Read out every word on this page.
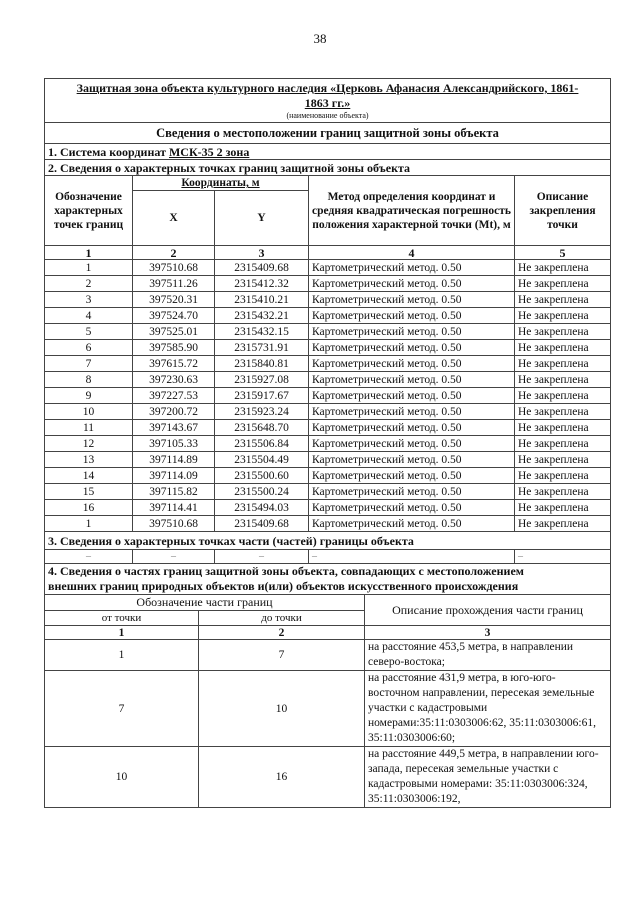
38
Защитная зона объекта культурного наследия «Церковь Афанасия Александрийского, 1861-
1863 гг.»
(наименование объекта)				

Сведения о местоположении границ защитной зоны объекта				
1. Система координат МСК-35 2 зона				
2. Сведения о характерных точках границ защитной зоны объекта				
Обозначение характерных точек границ	Координаты, м		Метод определения координат и средняя квадратическая погрешность положения характерной точки (Mt), м	Описание закрепления точки
	X	Y		
1	2	3	4	5
1	397510.68	2315409.68	Картометрический метод. 0.50	Не закреплена
2	397511.26	2315412.32	Картометрический метод. 0.50	Не закреплена
3	397520.31	2315410.21	Картометрический метод. 0.50	Не закреплена
4	397524.70	2315432.21	Картометрический метод. 0.50	Не закреплена
5	397525.01	2315432.15	Картометрический метод. 0.50	Не закреплена
6	397585.90	2315731.91	Картометрический метод. 0.50	Не закреплена
7	397615.72	2315840.81	Картометрический метод. 0.50	Не закреплена
8	397230.63	2315927.08	Картометрический метод. 0.50	Не закреплена
9	397227.53	2315917.67	Картометрический метод. 0.50	Не закреплена
10	397200.72	2315923.24	Картометрический метод. 0.50	Не закреплена
11	397143.67	2315648.70	Картометрический метод. 0.50	Не закреплена
12	397105.33	2315506.84	Картометрический метод. 0.50	Не закреплена
13	397114.89	2315504.49	Картометрический метод. 0.50	Не закреплена
14	397114.09	2315500.60	Картометрический метод. 0.50	Не закреплена
15	397115.82	2315500.24	Картометрический метод. 0.50	Не закреплена
16	397114.41	2315494.03	Картометрический метод. 0.50	Не закреплена
1	397510.68	2315409.68	Картометрический метод. 0.50	Не закреплена
3. Сведения о характерных точках части (частей) границы объекта				
–	–	–	–	–
4. Сведения о частях границ защитной зоны объекта, совпадающих с местоположением
внешних границ природных объектов и(или) объектов искусственного происхождения				
Обозначение части границ		Описание прохождения части границ
от точки	до точки	
1	2	3
1	7	на расстояние 453,5 метра, в направлении северо-востока;
7	10	на расстояние 431,9 метра, в юго-юго-восточном направлении, пересекая земельные участки с кадастровыми номерами:35:11:0303006:62, 35:11:0303006:61, 35:11:0303006:60;
10	16	на расстояние 449,5 метра, в направлении юго-запада, пересекая земельные участки с кадастровыми номерами: 35:11:0303006:324, 35:11:0303006:192,
